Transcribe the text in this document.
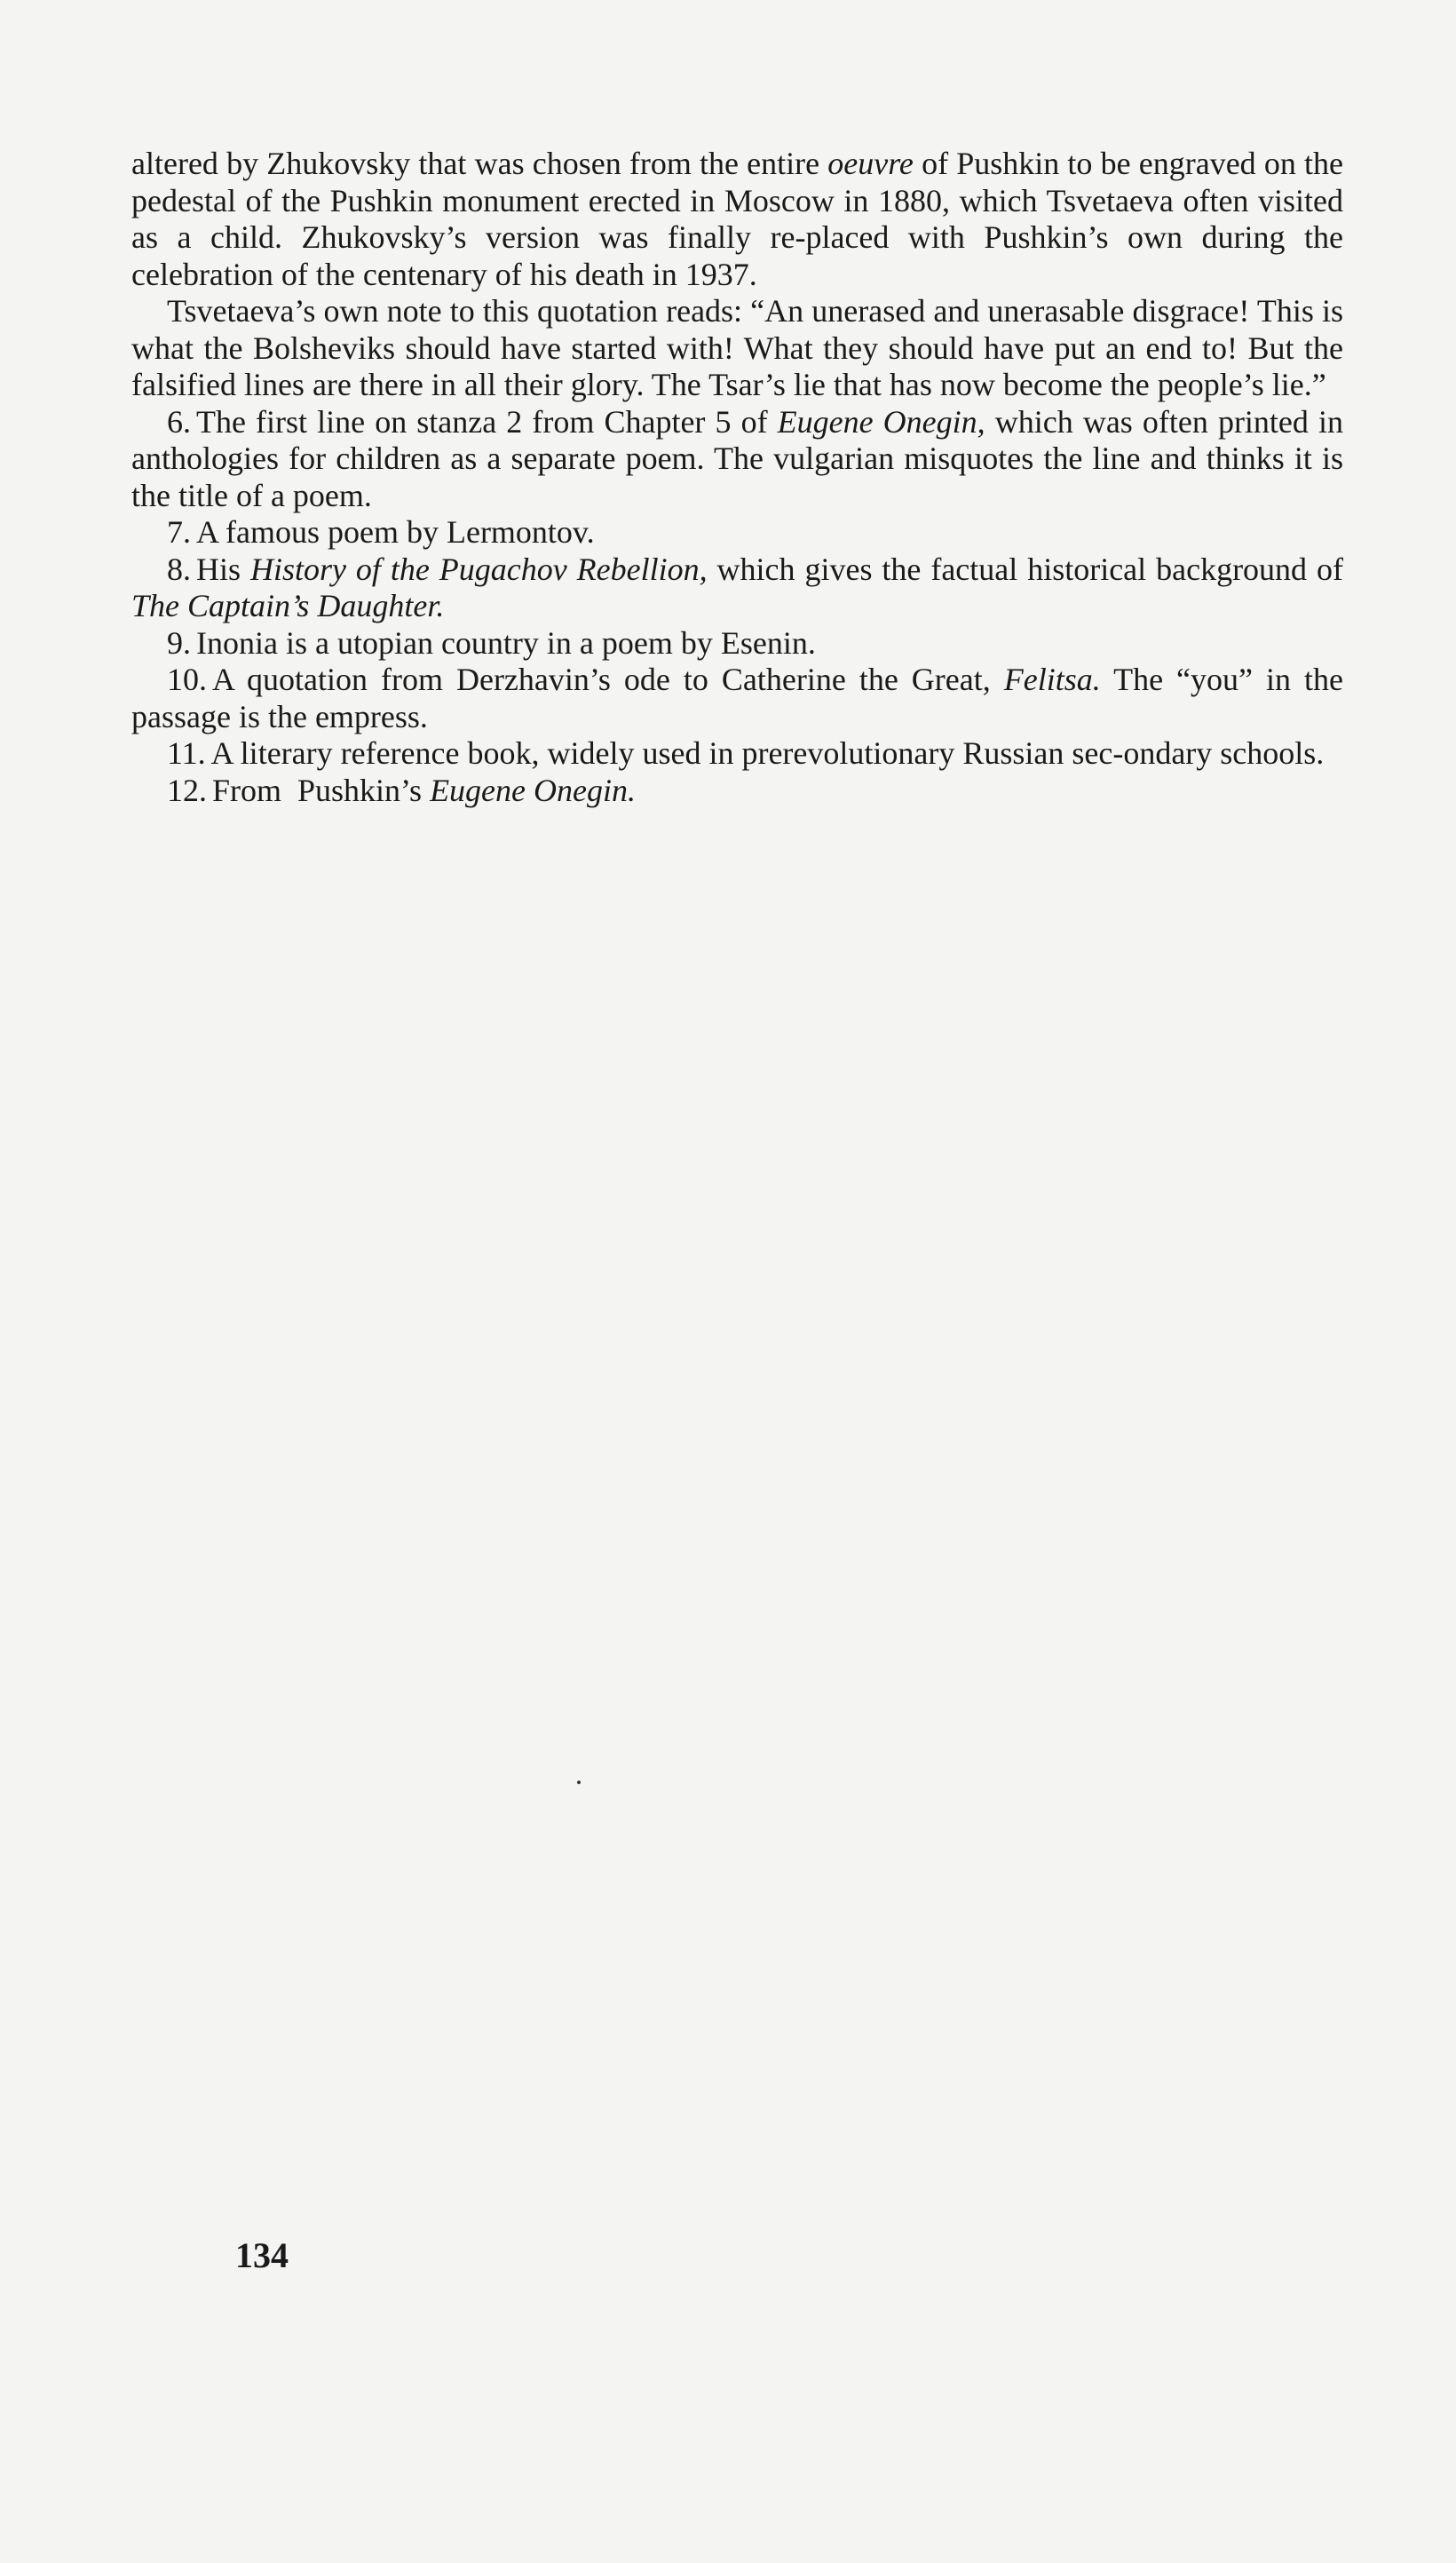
altered by Zhukovsky that was chosen from the entire oeuvre of Pushkin to be engraved on the pedestal of the Pushkin monument erected in Moscow in 1880, which Tsvetaeva often visited as a child. Zhukovsky’s version was finally re-placed with Pushkin’s own during the celebration of the centenary of his death in 1937.

Tsvetaeva’s own note to this quotation reads: “An unerased and unerasable disgrace! This is what the Bolsheviks should have started with! What they should have put an end to! But the falsified lines are there in all their glory. The Tsar’s lie that has now become the people’s lie.”

6. The first line on stanza 2 from Chapter 5 of Eugene Onegin, which was often printed in anthologies for children as a separate poem. The vulgarian misquotes the line and thinks it is the title of a poem.

7. A famous poem by Lermontov.

8. His History of the Pugachov Rebellion, which gives the factual historical background of The Captain’s Daughter.

9. Inonia is a utopian country in a poem by Esenin.

10. A quotation from Derzhavin’s ode to Catherine the Great, Felitsa. The “you” in the passage is the empress.

11. A literary reference book, widely used in prerevolutionary Russian sec-ondary schools.

12. From  Pushkin’s Eugene Onegin.

134
